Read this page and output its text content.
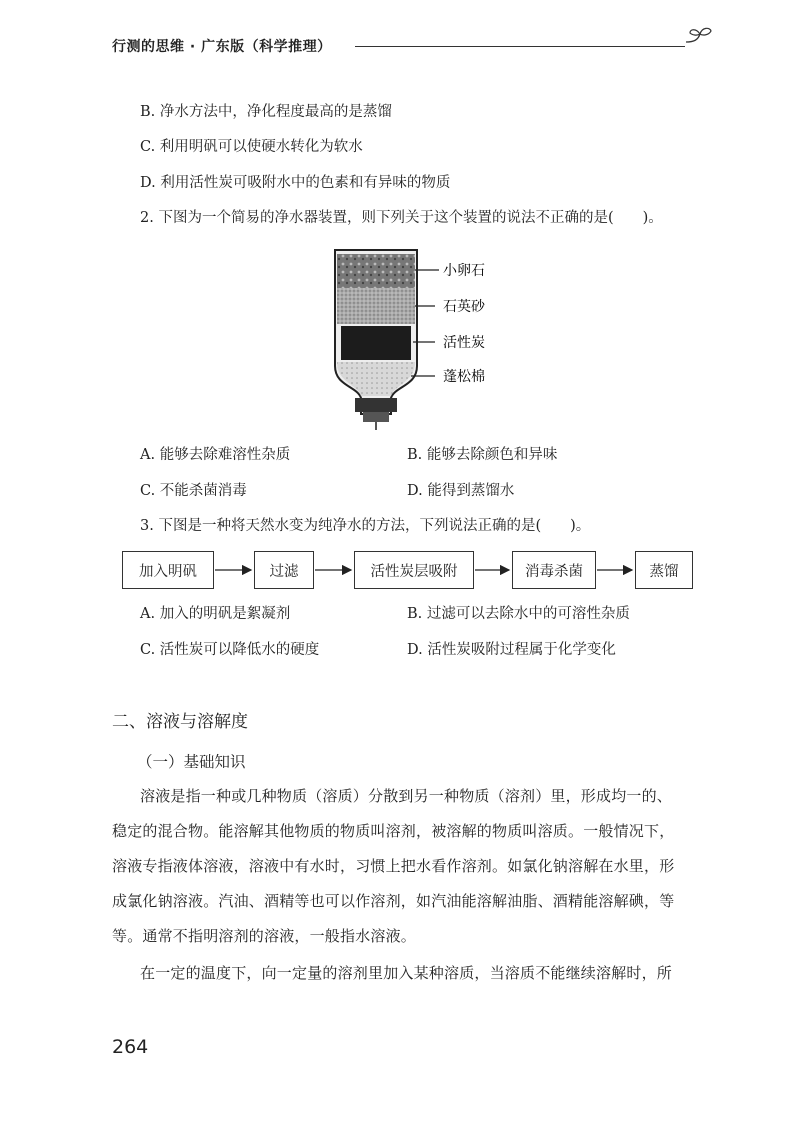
行测的思维 · 广东版（科学推理）
B. 净水方法中，净化程度最高的是蒸馏
C. 利用明矾可以使硬水转化为软水
D. 利用活性炭可吸附水中的色素和有异味的物质
2. 下图为一个简易的净水器装置，则下列关于这个装置的说法不正确的是(　　)。
小卵石
石英砂
活性炭
蓬松棉
A. 能够去除难溶性杂质	B. 能够去除颜色和异味
C. 不能杀菌消毒	D. 能得到蒸馏水
3. 下图是一种将天然水变为纯净水的方法，下列说法正确的是(　　)。
加入明矾	过滤	活性炭层吸附	消毒杀菌	蒸馏
A. 加入的明矾是絮凝剂	B. 过滤可以去除水中的可溶性杂质
C. 活性炭可以降低水的硬度	D. 活性炭吸附过程属于化学变化
二、溶液与溶解度
（一）基础知识
溶液是指一种或几种物质（溶质）分散到另一种物质（溶剂）里，形成均一的、
稳定的混合物。能溶解其他物质的物质叫溶剂，被溶解的物质叫溶质。一般情况下，
溶液专指液体溶液，溶液中有水时，习惯上把水看作溶剂。如氯化钠溶解在水里，形
成氯化钠溶液。汽油、酒精等也可以作溶剂，如汽油能溶解油脂、酒精能溶解碘，等
等。通常不指明溶剂的溶液，一般指水溶液。
在一定的温度下，向一定量的溶剂里加入某种溶质，当溶质不能继续溶解时，所
264
